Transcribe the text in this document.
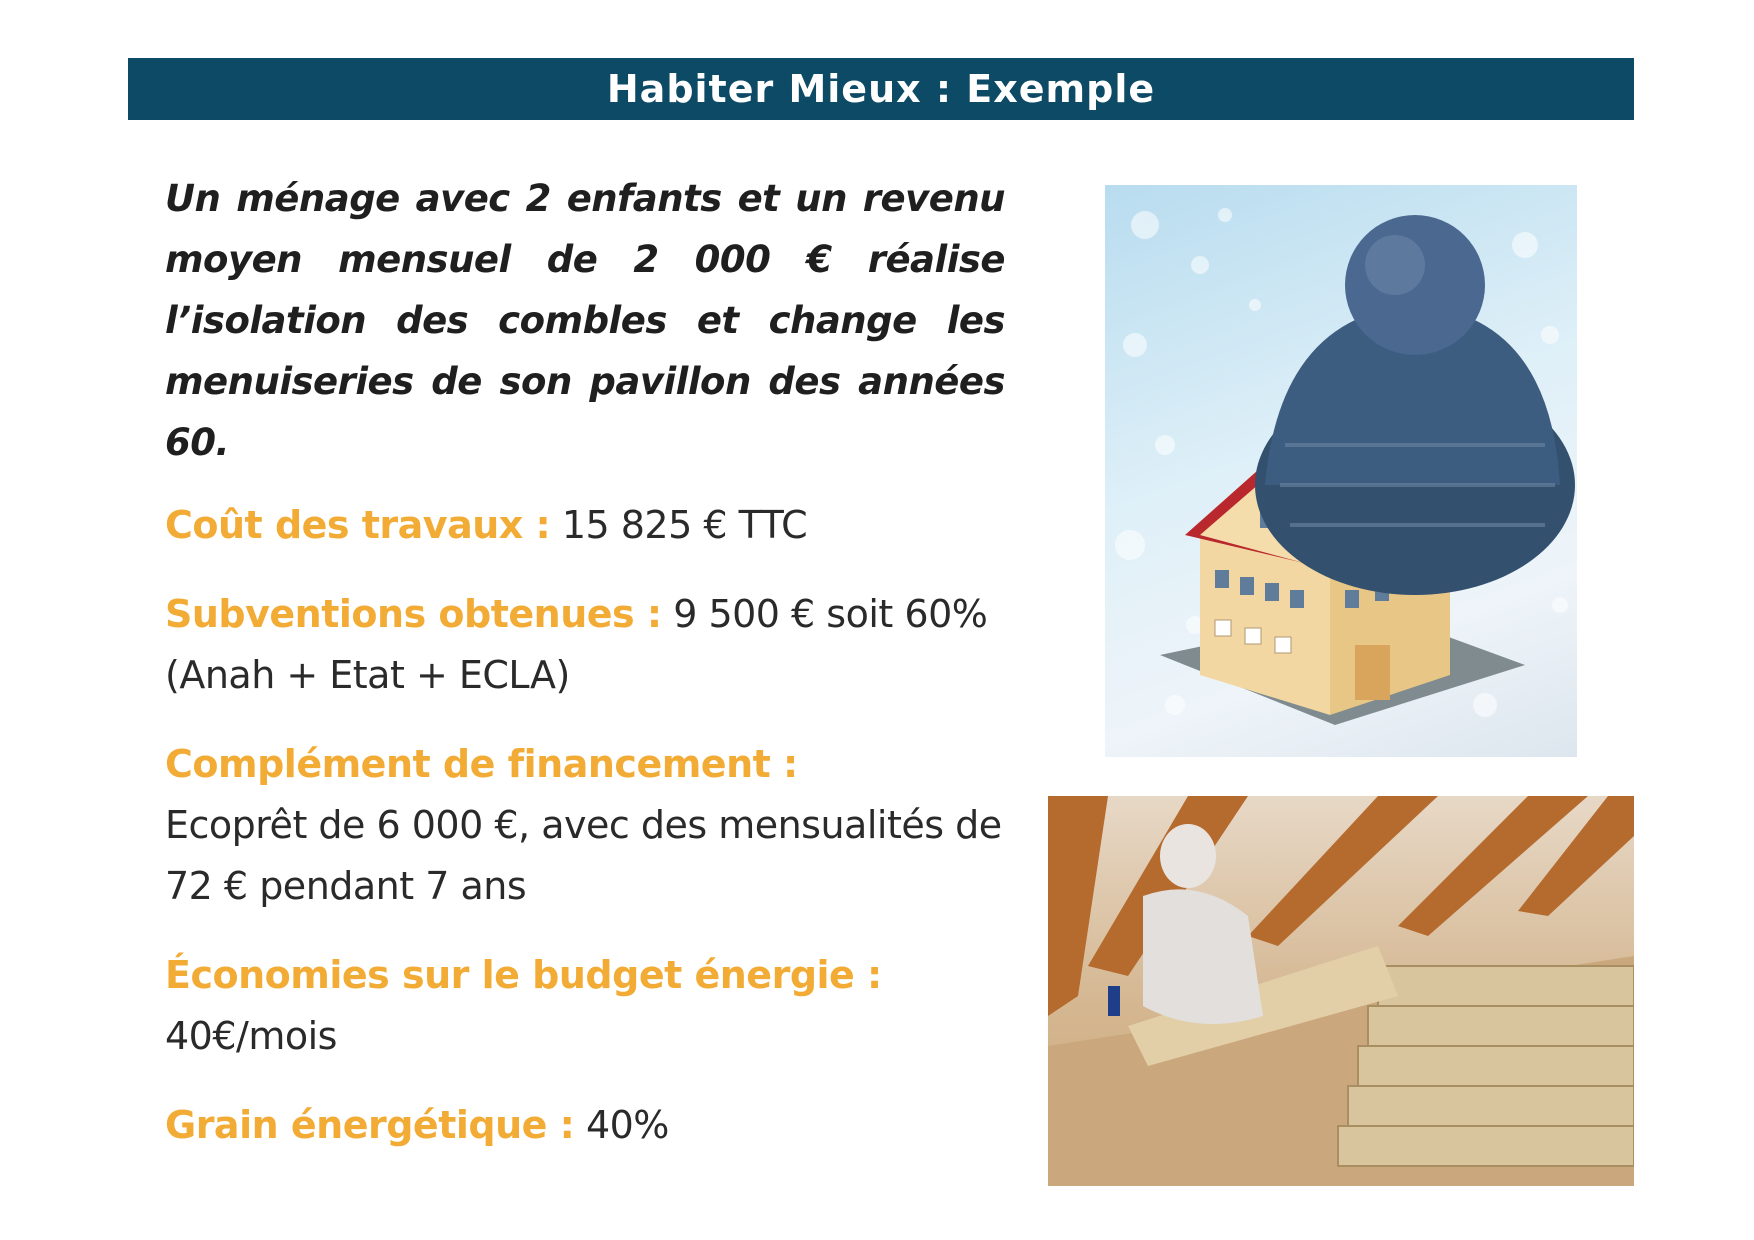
Habiter Mieux : Exemple

Un ménage avec 2 enfants et un revenu moyen mensuel de 2 000 € réalise l’isolation des combles et change les menuiseries de son pavillon des années 60.

Coût des travaux : 15 825 € TTC

Subventions obtenues : 9 500 € soit 60%
(Anah + Etat + ECLA)

Complément de financement :
Ecoprêt de 6 000 €, avec des mensualités de 72 € pendant 7 ans

Économies sur le budget énergie :
40€/mois

Grain énergétique : 40%
